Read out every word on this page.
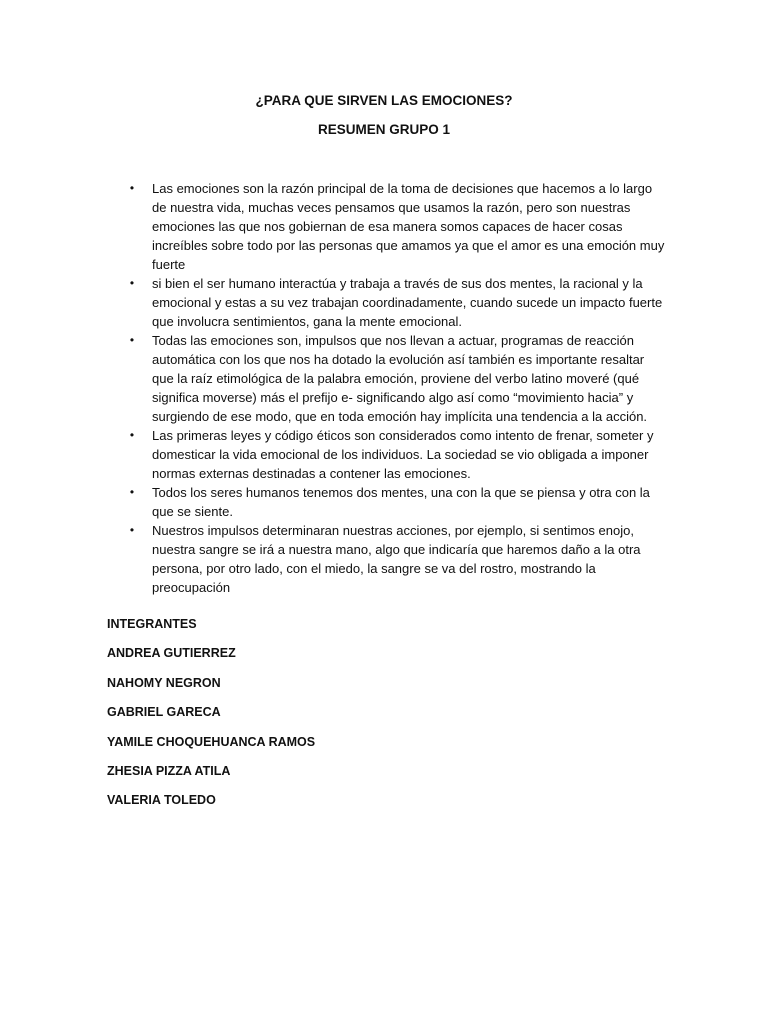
¿PARA QUE SIRVEN LAS EMOCIONES?
RESUMEN GRUPO 1
•	Las emociones son la razón principal de la toma de decisiones que hacemos a lo largo de nuestra vida, muchas veces pensamos que usamos la razón, pero son nuestras emociones las que nos gobiernan de esa manera somos capaces de hacer cosas increíbles sobre todo por las personas que amamos ya que el amor es una emoción muy fuerte
•	si bien el ser humano interactúa y trabaja a través de sus dos mentes, la racional y la emocional y estas a su vez trabajan coordinadamente, cuando sucede un impacto fuerte que involucra sentimientos, gana la mente emocional.
•	Todas las emociones son, impulsos que nos llevan a actuar, programas de reacción automática con los que nos ha dotado la evolución así también es importante resaltar que la raíz etimológica de la palabra emoción, proviene del verbo latino moveré (qué significa moverse) más el prefijo e- significando algo así como “movimiento hacia” y surgiendo de ese modo, que en toda emoción hay implícita una tendencia a la acción.
•	Las primeras leyes y código éticos son considerados como intento de frenar, someter y domesticar la vida emocional de los individuos. La sociedad se vio obligada a imponer normas externas destinadas a contener las emociones.
•	Todos los seres humanos tenemos dos mentes, una con la que se piensa y otra con la que se siente.
•	Nuestros impulsos determinaran nuestras acciones, por ejemplo, si sentimos enojo, nuestra sangre se irá a nuestra mano, algo que indicaría que haremos daño a la otra persona, por otro lado, con el miedo, la sangre se va del rostro, mostrando la preocupación
INTEGRANTES
ANDREA GUTIERREZ
NAHOMY NEGRON
GABRIEL GARECA
YAMILE CHOQUEHUANCA RAMOS
ZHESIA PIZZA ATILA
VALERIA TOLEDO
